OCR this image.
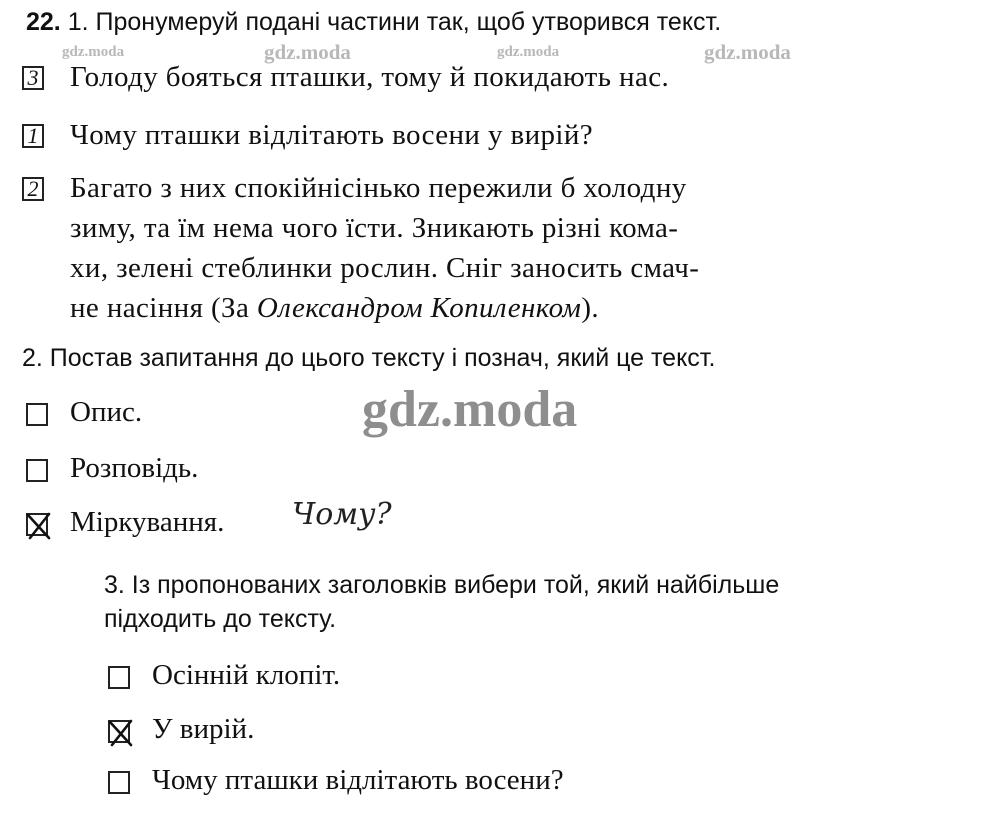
gdz.moda	gdz.moda	gdz.moda	gdz.moda
gdz.moda
22. 1. Пронумеруй подані частини так, щоб утворився текст.
3 Голоду бояться пташки, тому й покидають нас.
1 Чому пташки відлітають восени у вирій?
2 Багато з них спокійнісінько пережили б холодну
зиму, та їм нема чого їсти. Зникають різні кома-
хи, зелені стеблинки рослин. Сніг заносить смач-
не насіння (За Олександром Копиленком).
2. Постав запитання до цього тексту і познач, який це текст.
Опис.
Розповідь.
Міркування. Чому?
3. Із пропонованих заголовків вибери той, який найбільше
підходить до тексту.
Осінній клопіт.
У вирій.
Чому пташки відлітають восени?
